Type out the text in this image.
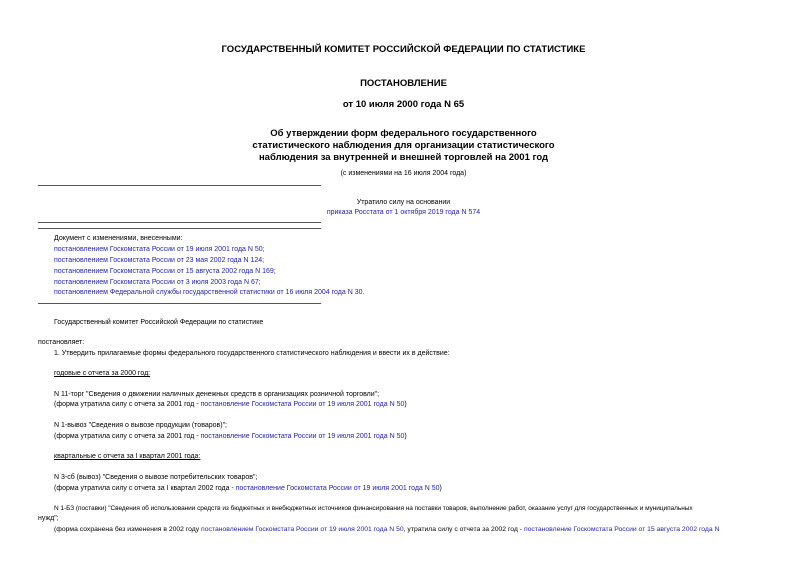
ГОСУДАРСТВЕННЫЙ КОМИТЕТ РОССИЙСКОЙ ФЕДЕРАЦИИ ПО СТАТИСТИКЕ
ПОСТАНОВЛЕНИЕ
от 10 июля 2000 года N 65
Об утверждении форм федерального государственного
статистического наблюдения для организации статистического
наблюдения за внутренней и внешней торговлей на 2001 год
(с изменениями на 16 июля 2004 года)
Утратило силу на основании
приказа Росстата от 1 октября 2019 года N 574
Документ с изменениями, внесенными:
постановлением Госкомстата России от 19 июля 2001 года N 50;
постановлением Госкомстата России от 23 мая 2002 года N 124;
постановлением Госкомстата России от 15 августа 2002 года N 169;
постановлением Госкомстата России от 3 июля 2003 года N 67;
постановлением Федеральной службы государственной статистики от 16 июля 2004 года N 30.
Государственный комитет Российской Федерации по статистике
постановляет:
1. Утвердить прилагаемые формы федерального государственного статистического наблюдения и ввести их в действие:
годовые с отчета за 2000 год:
N 11-торг "Сведения о движении наличных денежных средств в организациях розничной торговли";
(форма утратила силу с отчета за 2001 год - постановление Госкомстата России от 19 июля 2001 года N 50)
N 1-вывоз "Сведения о вывозе продукции (товаров)";
(форма утратила силу с отчета за 2001 год - постановление Госкомстата России от 19 июля 2001 года N 50)
квартальные с отчета за I квартал 2001 года:
N 3-сб (вывоз) "Сведения о вывозе потребительских товаров";
(форма утратила силу с отчета за I квартал 2002 года - постановление Госкомстата России от 19 июля 2001 года N 50)
N 1-БЗ (поставки) "Сведения об использовании средств из бюджетных и внебюджетных источников финансирования на поставки товаров, выполнение работ, оказание услуг для государственных и муниципальных
нужд";
(форма сохранена без изменения в 2002 году постановлением Госкомстата России от 19 июля 2001 года N 50, утратила силу с отчета за 2002 год - постановление Госкомстата России от 15 августа 2002 года N
